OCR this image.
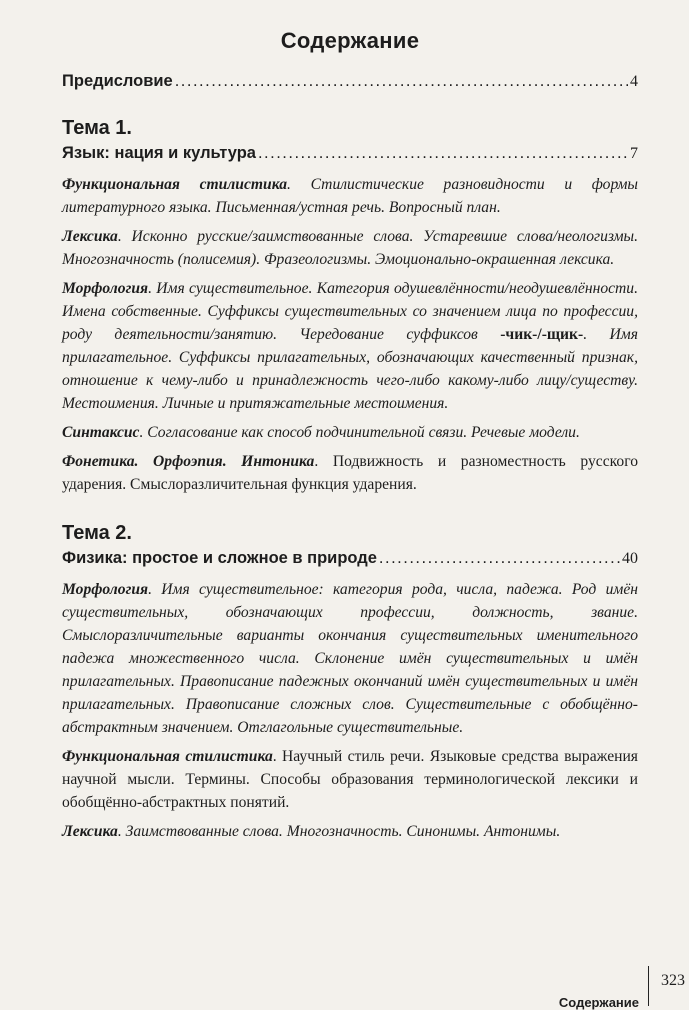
Содержание
Предисловие .....	4
Тема 1.
Язык: нация и культура .....	7

Функциональная стилистика. Стилистические разновидности и формы литературного языка. Письменная/устная речь. Вопросный план.

Лексика. Исконно русские/заимствованные слова. Устаревшие слова/неологизмы. Многозначность (полисемия). Фразеологизмы. Эмоционально-окрашенная лексика.

Морфология. Имя существительное. Категория одушевлённости/неодушевлённости. Имена собственные. Суффиксы существительных со значением лица по профессии, роду деятельности/занятию. Чередование суффиксов -чик-/-щик-. Имя прилагательное. Суффиксы прилагательных, обозначающих качественный признак, отношение к чему-либо и принадлежность чего-либо какому-либо лицу/существу. Местоимения. Личные и притяжательные местоимения.

Синтаксис. Согласование как способ подчинительной связи. Речевые модели.

Фонетика. Орфоэпия. Интоника. Подвижность и разноместность русского ударения. Смыслоразличительная функция ударения.

Тема 2.
Физика: простое и сложное в природе .....	40

Морфология. Имя существительное: категория рода, числа, падежа. Род имён существительных, обозначающих профессии, должность, звание. Смыслоразличительные варианты окончания существительных именительного падежа множественного числа. Склонение имён существительных и имён прилагательных. Правописание падежных окончаний имён существительных и имён прилагательных. Правописание сложных слов. Существительные с обобщённо-абстрактным значением. Отглагольные существительные.

Функциональная стилистика. Научный стиль речи. Языковые средства выражения научной мысли. Термины. Способы образования терминологической лексики и обобщённо-абстрактных понятий.

Лексика. Заимствованные слова. Многозначность. Синонимы. Антонимы.

Содержание
323
